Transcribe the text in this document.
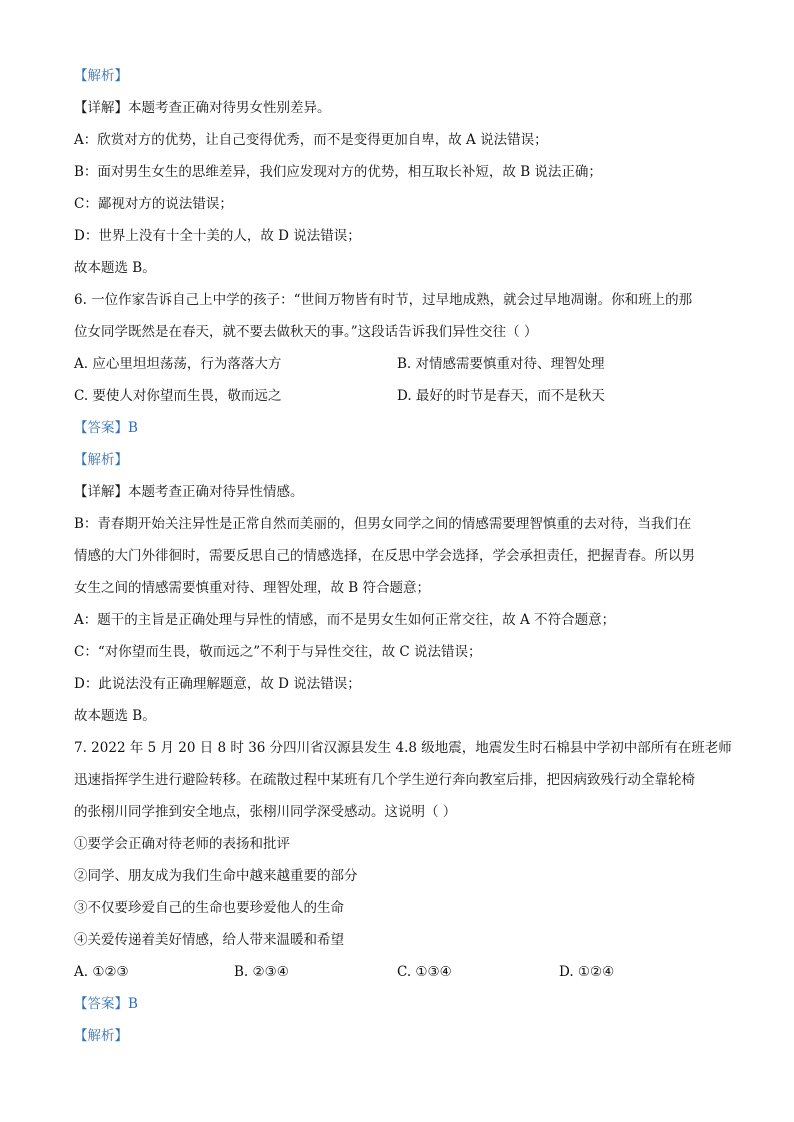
【解析】
【详解】本题考查正确对待男女性别差异。
A：欣赏对方的优势，让自己变得优秀，而不是变得更加自卑，故 A 说法错误；
B：面对男生女生的思维差异，我们应发现对方的优势，相互取长补短，故 B 说法正确；
C：鄙视对方的说法错误；
D：世界上没有十全十美的人，故 D 说法错误；
故本题选 B。
6. 一位作家告诉自己上中学的孩子：“世间万物皆有时节，过早地成熟，就会过早地凋谢。你和班上的那
位女同学既然是在春天，就不要去做秋天的事。”这段话告诉我们异性交往（ ）
A. 应心里坦坦荡荡，行为落落大方	B. 对情感需要慎重对待、理智处理
C. 要使人对你望而生畏，敬而远之	D. 最好的时节是春天，而不是秋天
【答案】B
【解析】
【详解】本题考查正确对待异性情感。
B：青春期开始关注异性是正常自然而美丽的，但男女同学之间的情感需要理智慎重的去对待，当我们在
情感的大门外徘徊时，需要反思自己的情感选择，在反思中学会选择，学会承担责任，把握青春。所以男
女生之间的情感需要慎重对待、理智处理，故 B 符合题意；
A：题干的主旨是正确处理与异性的情感，而不是男女生如何正常交往，故 A 不符合题意；
C：“对你望而生畏，敬而远之”不利于与异性交往，故 C 说法错误；
D：此说法没有正确理解题意，故 D 说法错误；
故本题选 B。
7. 2022 年 5 月 20 日 8 时 36 分四川省汉源县发生 4.8 级地震，地震发生时石棉县中学初中部所有在班老师
迅速指挥学生进行避险转移。在疏散过程中某班有几个学生逆行奔向教室后排，把因病致残行动全靠轮椅
的张栩川同学推到安全地点，张栩川同学深受感动。这说明（ ）
①要学会正确对待老师的表扬和批评
②同学、朋友成为我们生命中越来越重要的部分
③不仅要珍爱自己的生命也要珍爱他人的生命
④关爱传递着美好情感，给人带来温暖和希望
A. ①②③	B. ②③④	C. ①③④	D. ①②④
【答案】B
【解析】
